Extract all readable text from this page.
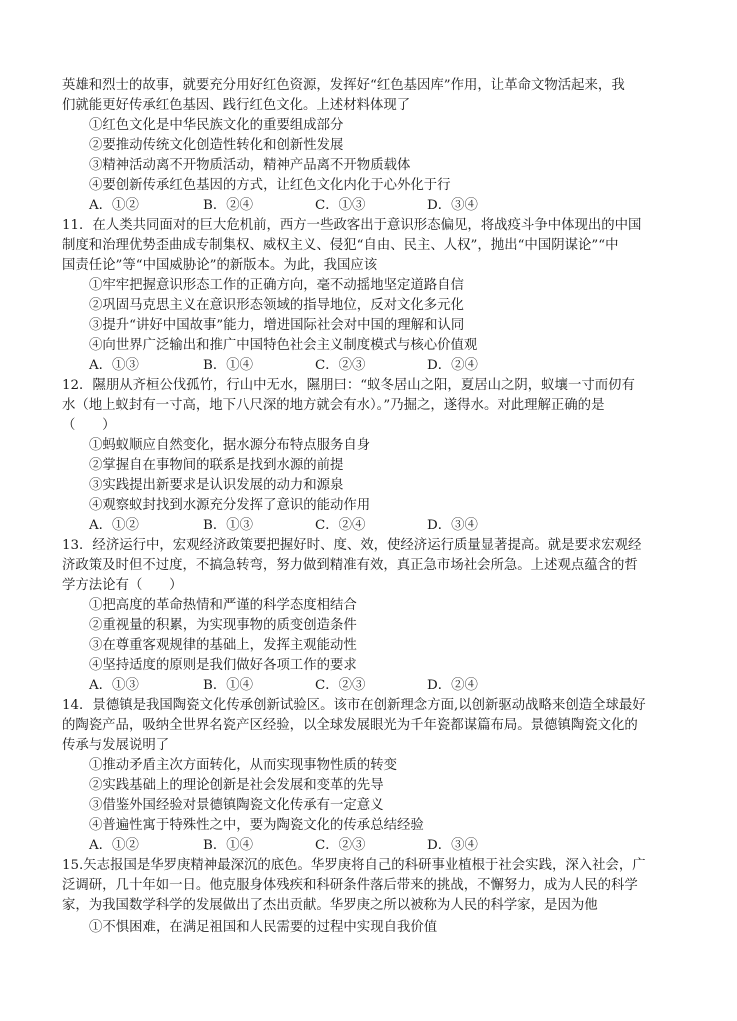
英雄和烈士的故事，就要充分用好红色资源，发挥好“红色基因库”作用，让革命文物活起来，我
们就能更好传承红色基因、践行红色文化。上述材料体现了
①红色文化是中华民族文化的重要组成部分
②要推动传统文化创造性转化和创新性发展
③精神活动离不开物质活动，精神产品离不开物质载体
④要创新传承红色基因的方式，让红色文化内化于心外化于行
A．①②	B．②④	C．①③	D．③④
11．在人类共同面对的巨大危机前，西方一些政客出于意识形态偏见，将战疫斗争中体现出的中国
制度和治理优势歪曲成专制集权、威权主义、侵犯“自由、民主、人权”，抛出“中国阴谋论”“中
国责任论”等“中国威胁论”的新版本。为此，我国应该
①牢牢把握意识形态工作的正确方向，毫不动摇地坚定道路自信
②巩固马克思主义在意识形态领域的指导地位，反对文化多元化
③提升“讲好中国故事”能力，增进国际社会对中国的理解和认同
④向世界广泛输出和推广中国特色社会主义制度模式与核心价值观
A．①③	B．①④	C．②③	D．②④
12．隰朋从齐桓公伐孤竹，行山中无水，隰朋曰：“蚁冬居山之阳，夏居山之阴，蚁壤一寸而仞有
水（地上蚁封有一寸高，地下八尺深的地方就会有水）。”乃掘之，遂得水。对此理解正确的是
（　　）
①蚂蚁顺应自然变化，据水源分布特点服务自身
②掌握自在事物间的联系是找到水源的前提
③实践提出新要求是认识发展的动力和源泉
④观察蚁封找到水源充分发挥了意识的能动作用
A．①②	B．①③	C．②④	D．③④
13．经济运行中，宏观经济政策要把握好时、度、效，使经济运行质量显著提高。就是要求宏观经
济政策及时但不过度，不搞急转弯，努力做到精准有效，真正急市场社会所急。上述观点蕴含的哲
学方法论有（　　）
①把高度的革命热情和严谨的科学态度相结合
②重视量的积累，为实现事物的质变创造条件
③在尊重客观规律的基础上，发挥主观能动性
④坚持适度的原则是我们做好各项工作的要求
A．①③	B．①④	C．②③	D．②④
14．景德镇是我国陶瓷文化传承创新试验区。该市在创新理念方面,以创新驱动战略来创造全球最好
的陶瓷产品，吸纳全世界名瓷产区经验，以全球发展眼光为千年瓷都谋篇布局。景德镇陶瓷文化的
传承与发展说明了
①推动矛盾主次方面转化，从而实现事物性质的转变
②实践基础上的理论创新是社会发展和变革的先导
③借鉴外国经验对景德镇陶瓷文化传承有一定意义
④普遍性寓于特殊性之中，要为陶瓷文化的传承总结经验
A．①②	B．①④	C．②③	D．③④
15.矢志报国是华罗庚精神最深沉的底色。华罗庚将自己的科研事业植根于社会实践，深入社会，广
泛调研，几十年如一日。他克服身体残疾和科研条件落后带来的挑战，不懈努力，成为人民的科学
家，为我国数学科学的发展做出了杰出贡献。华罗庚之所以被称为人民的科学家，是因为他
①不惧困难，在满足祖国和人民需要的过程中实现自我价值
